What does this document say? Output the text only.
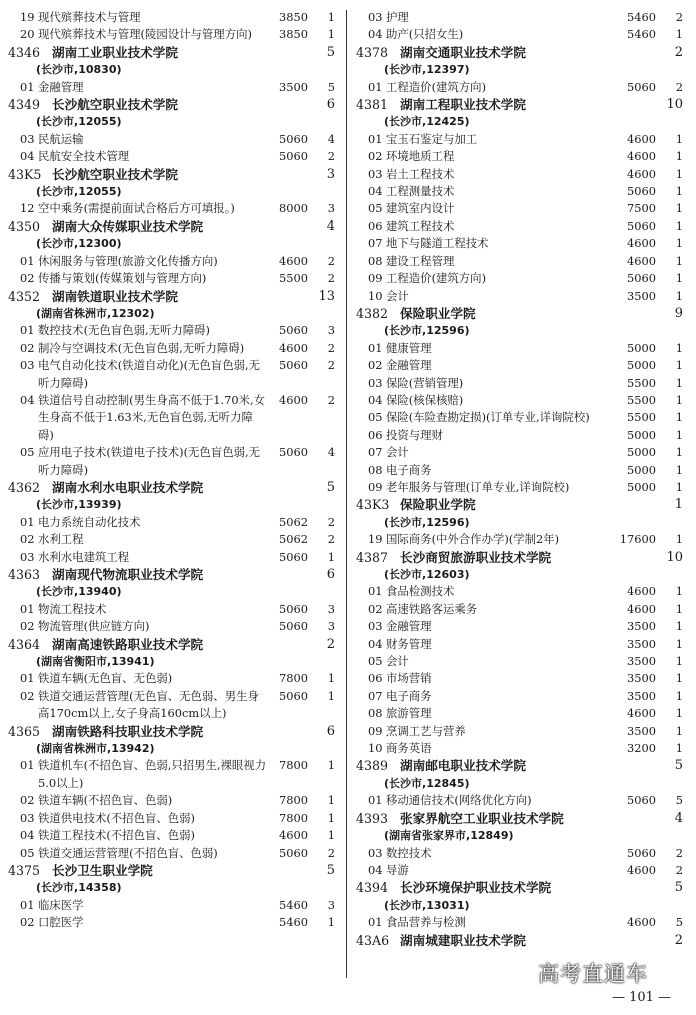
19 现代殡葬技术与管理	3850	1
20 现代殡葬技术与管理(陵园设计与管理方向)	3850	1
4346 湖南工业职业技术学院	5
(长沙市,10830)
01 金融管理	3500	5
4349 长沙航空职业技术学院	6
(长沙市,12055)
03 民航运输	5060	4
04 民航安全技术管理	5060	2
43K5 长沙航空职业技术学院	3
(长沙市,12055)
12 空中乘务(需提前面试合格后方可填报。)	8000	3
4350 湖南大众传媒职业技术学院	4
(长沙市,12300)
01 休闲服务与管理(旅游文化传播方向)	4600	2
02 传播与策划(传媒策划与管理方向)	5500	2
4352 湖南铁道职业技术学院	13
(湖南省株洲市,12302)
01 数控技术(无色盲色弱,无听力障碍)	5060	3
02 制冷与空调技术(无色盲色弱,无听力障碍)	4600	2
03 电气自动化技术(铁道自动化)(无色盲色弱,无听力障碍)
5060	2
04 铁道信号自动控制(男生身高不低于1.70米,女生身高不低于1.63米,无色盲色弱,无听力障碍)
4600	2
05 应用电子技术(铁道电子技术)(无色盲色弱,无听力障碍)
5060	4
4362 湖南水利水电职业技术学院	5
(长沙市,13939)
01 电力系统自动化技术	5062	2
02 水利工程	5062	2
03 水利水电建筑工程	5060	1
4363 湖南现代物流职业技术学院	6
(长沙市,13940)
01 物流工程技术	5060	3
02 物流管理(供应链方向)	5060	3
4364 湖南高速铁路职业技术学院	2
(湖南省衡阳市,13941)
01 铁道车辆(无色盲、无色弱)	7800	1
02 铁道交通运营管理(无色盲、无色弱、男生身高170cm以上,女子身高160cm以上)
5060	1
4365 湖南铁路科技职业技术学院	6
(湖南省株洲市,13942)
01 铁道机车(不招色盲、色弱,只招男生,裸眼视力5.0以上)
7800	1
02 铁道车辆(不招色盲、色弱)	7800	1
03 铁道供电技术(不招色盲、色弱)	7800	1
04 铁道工程技术(不招色盲、色弱)	4600	1
05 铁道交通运营管理(不招色盲、色弱)	5060	2
4375 长沙卫生职业学院	5
(长沙市,14358)
01 临床医学	5460	3
02 口腔医学	5460	1
03 护理	5460	2
04 助产(只招女生)	5460	1
4378 湖南交通职业技术学院	2
(长沙市,12397)
01 工程造价(建筑方向)	5060	2
4381 湖南工程职业技术学院	10
(长沙市,12425)
01 宝玉石鉴定与加工	4600	1
02 环境地质工程	4600	1
03 岩土工程技术	4600	1
04 工程测量技术	5060	1
05 建筑室内设计	7500	1
06 建筑工程技术	5060	1
07 地下与隧道工程技术	4600	1
08 建设工程管理	4600	1
09 工程造价(建筑方向)	5060	1
10 会计	3500	1
4382 保险职业学院	9
(长沙市,12596)
01 健康管理	5000	1
02 金融管理	5000	1
03 保险(营销管理)	5500	1
04 保险(核保核赔)	5500	1
05 保险(车险查勘定损)(订单专业,详询院校)	5500	1
06 投资与理财	5000	1
07 会计	5000	1
08 电子商务	5000	1
09 老年服务与管理(订单专业,详询院校)	5000	1
43K3 保险职业学院	1
(长沙市,12596)
19 国际商务(中外合作办学)(学制2年)	17600	1
4387 长沙商贸旅游职业技术学院	10
(长沙市,12603)
01 食品检测技术	4600	1
02 高速铁路客运乘务	4600	1
03 金融管理	3500	1
04 财务管理	3500	1
05 会计	3500	1
06 市场营销	3500	1
07 电子商务	3500	1
08 旅游管理	4600	1
09 烹调工艺与营养	3500	1
10 商务英语	3200	1
4389 湖南邮电职业技术学院	5
(长沙市,12845)
01 移动通信技术(网络优化方向)	5060	5
4393 张家界航空工业职业技术学院	4
(湖南省张家界市,12849)
03 数控技术	5060	2
04 导游	4600	2
4394 长沙环境保护职业技术学院	5
(长沙市,13031)
01 食品营养与检测	4600	5
43A6 湖南城建职业技术学院	2
高考直通车
— 101 —
